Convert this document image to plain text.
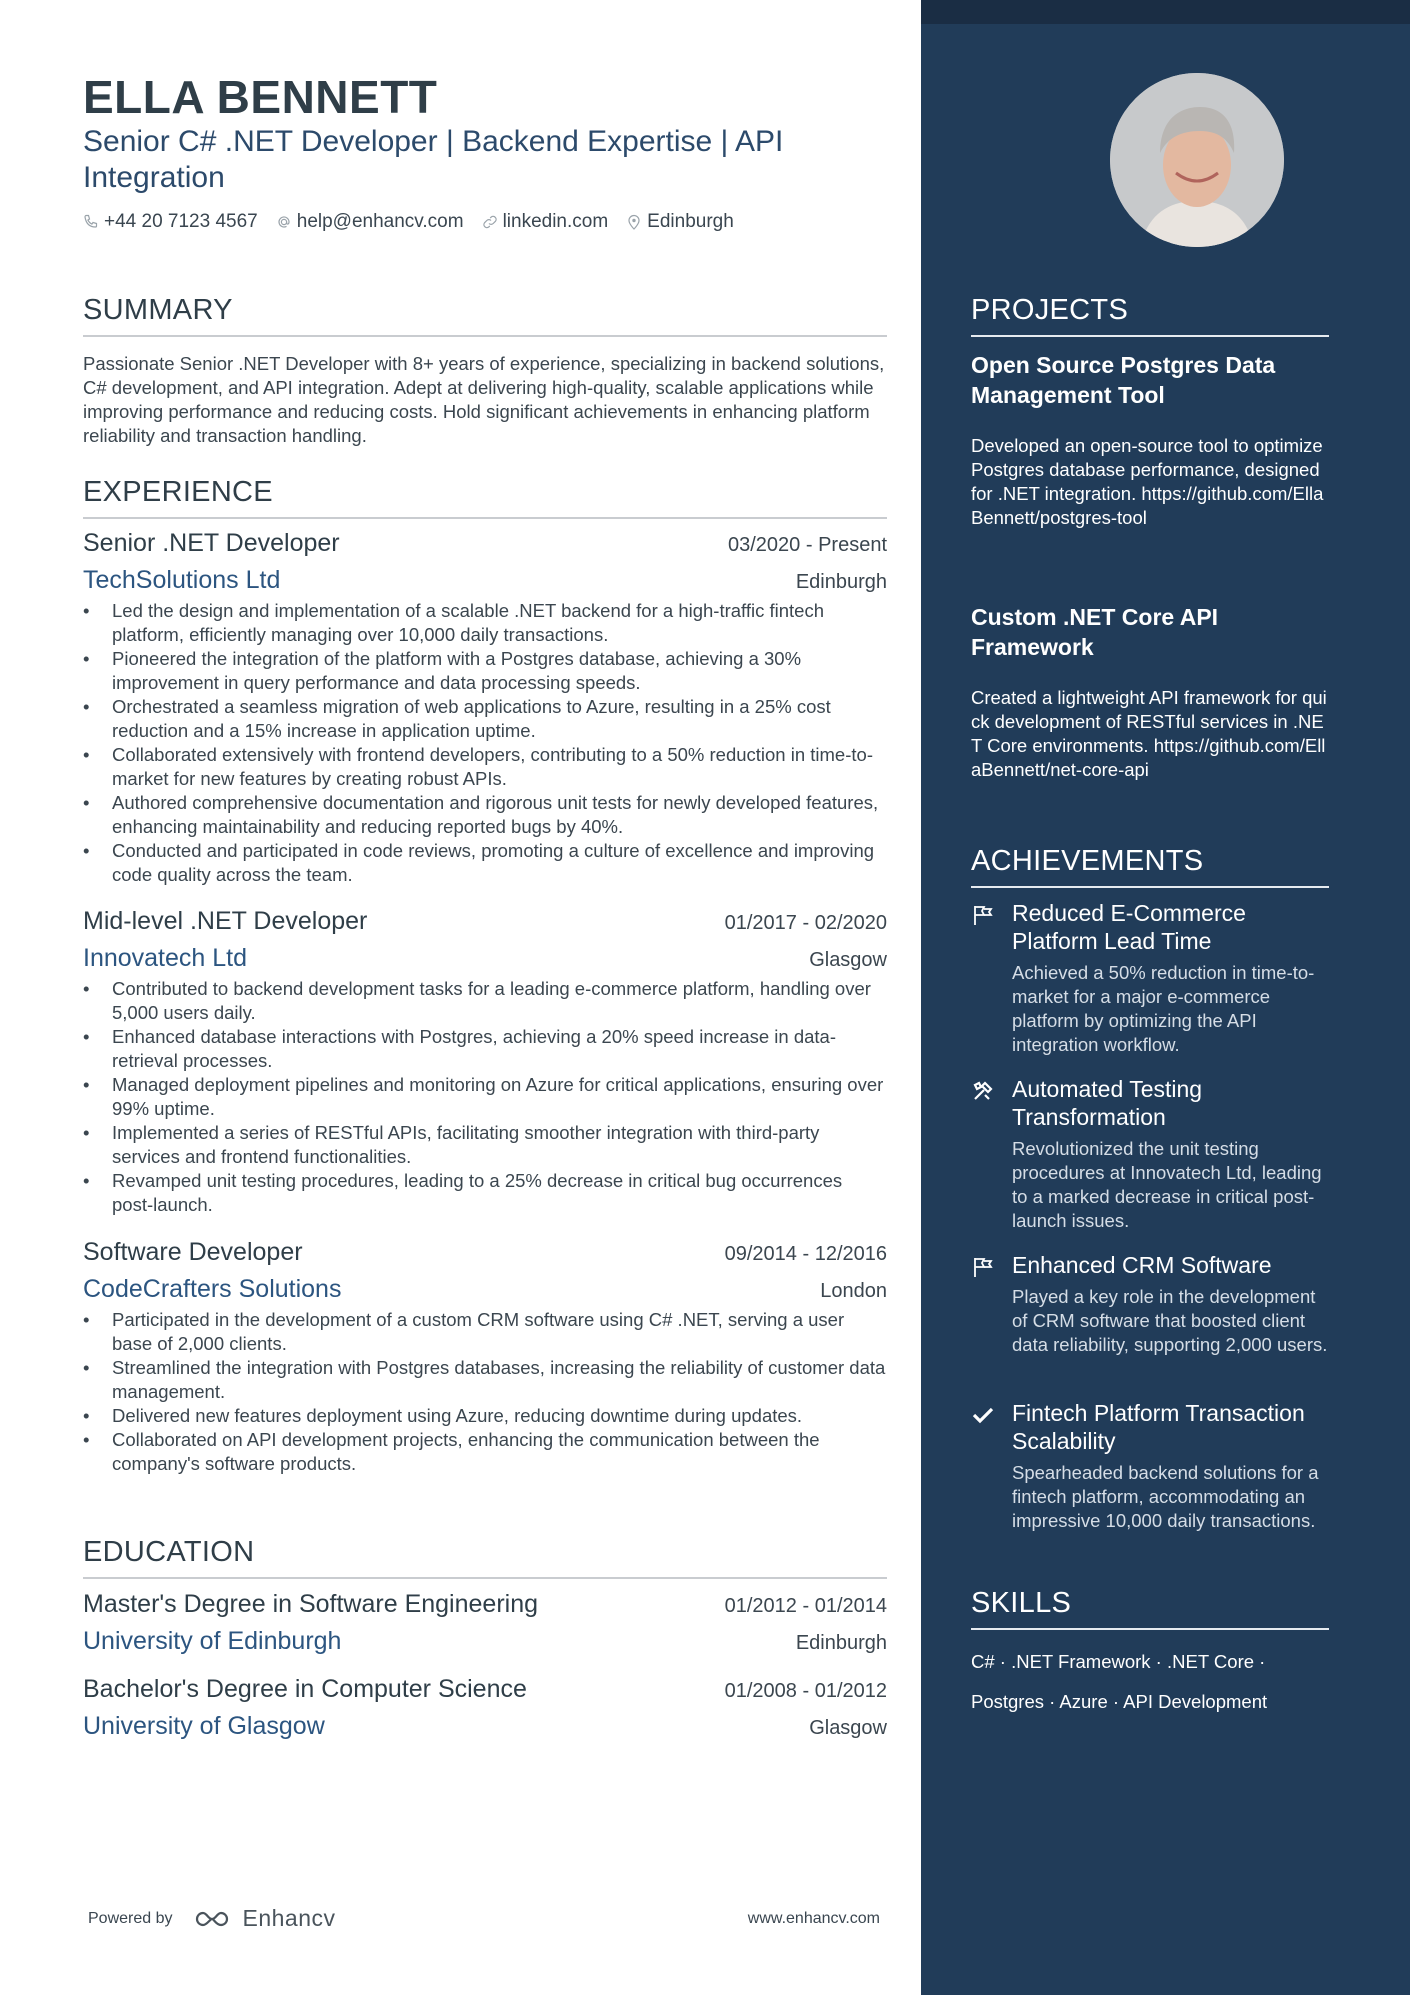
ELLA BENNETT
Senior C# .NET Developer | Backend Expertise | API Integration
+44 20 7123 4567 help@enhancv.com linkedin.com Edinburgh
SUMMARY
Passionate Senior .NET Developer with 8+ years of experience, specializing in backend solutions, C# development, and API integration. Adept at delivering high-quality, scalable applications while improving performance and reducing costs. Hold significant achievements in enhancing platform reliability and transaction handling.
EXPERIENCE
Senior .NET Developer	03/2020 - Present
TechSolutions Ltd	Edinburgh
• Led the design and implementation of a scalable .NET backend for a high-traffic fintech platform, efficiently managing over 10,000 daily transactions.
• Pioneered the integration of the platform with a Postgres database, achieving a 30% improvement in query performance and data processing speeds.
• Orchestrated a seamless migration of web applications to Azure, resulting in a 25% cost reduction and a 15% increase in application uptime.
• Collaborated extensively with frontend developers, contributing to a 50% reduction in time-to-market for new features by creating robust APIs.
• Authored comprehensive documentation and rigorous unit tests for newly developed features, enhancing maintainability and reducing reported bugs by 40%.
• Conducted and participated in code reviews, promoting a culture of excellence and improving code quality across the team.
Mid-level .NET Developer	01/2017 - 02/2020
Innovatech Ltd	Glasgow
• Contributed to backend development tasks for a leading e-commerce platform, handling over 5,000 users daily.
• Enhanced database interactions with Postgres, achieving a 20% speed increase in data-retrieval processes.
• Managed deployment pipelines and monitoring on Azure for critical applications, ensuring over 99% uptime.
• Implemented a series of RESTful APIs, facilitating smoother integration with third-party services and frontend functionalities.
• Revamped unit testing procedures, leading to a 25% decrease in critical bug occurrences post-launch.
Software Developer	09/2014 - 12/2016
CodeCrafters Solutions	London
• Participated in the development of a custom CRM software using C# .NET, serving a user base of 2,000 clients.
• Streamlined the integration with Postgres databases, increasing the reliability of customer data management.
• Delivered new features deployment using Azure, reducing downtime during updates.
• Collaborated on API development projects, enhancing the communication between the company's software products.
EDUCATION
Master's Degree in Software Engineering	01/2012 - 01/2014
University of Edinburgh	Edinburgh
Bachelor's Degree in Computer Science	01/2008 - 01/2012
University of Glasgow	Glasgow
Powered by	Enhancv	www.enhancv.com
PROJECTS
Open Source Postgres Data Management Tool
Developed an open-source tool to optimize Postgres database performance, designed for .NET integration. https://github.com/EllaBennett/postgres-tool
Custom .NET Core API Framework
Created a lightweight API framework for quick development of RESTful services in .NET Core environments. https://github.com/EllaBennett/net-core-api
ACHIEVEMENTS
Reduced E-Commerce Platform Lead Time
Achieved a 50% reduction in time-to-market for a major e-commerce platform by optimizing the API integration workflow.
Automated Testing Transformation
Revolutionized the unit testing procedures at Innovatech Ltd, leading to a marked decrease in critical post-launch issues.
Enhanced CRM Software
Played a key role in the development of CRM software that boosted client data reliability, supporting 2,000 users.
Fintech Platform Transaction Scalability
Spearheaded backend solutions for a fintech platform, accommodating an impressive 10,000 daily transactions.
SKILLS
C# · .NET Framework · .NET Core ·
Postgres · Azure · API Development
